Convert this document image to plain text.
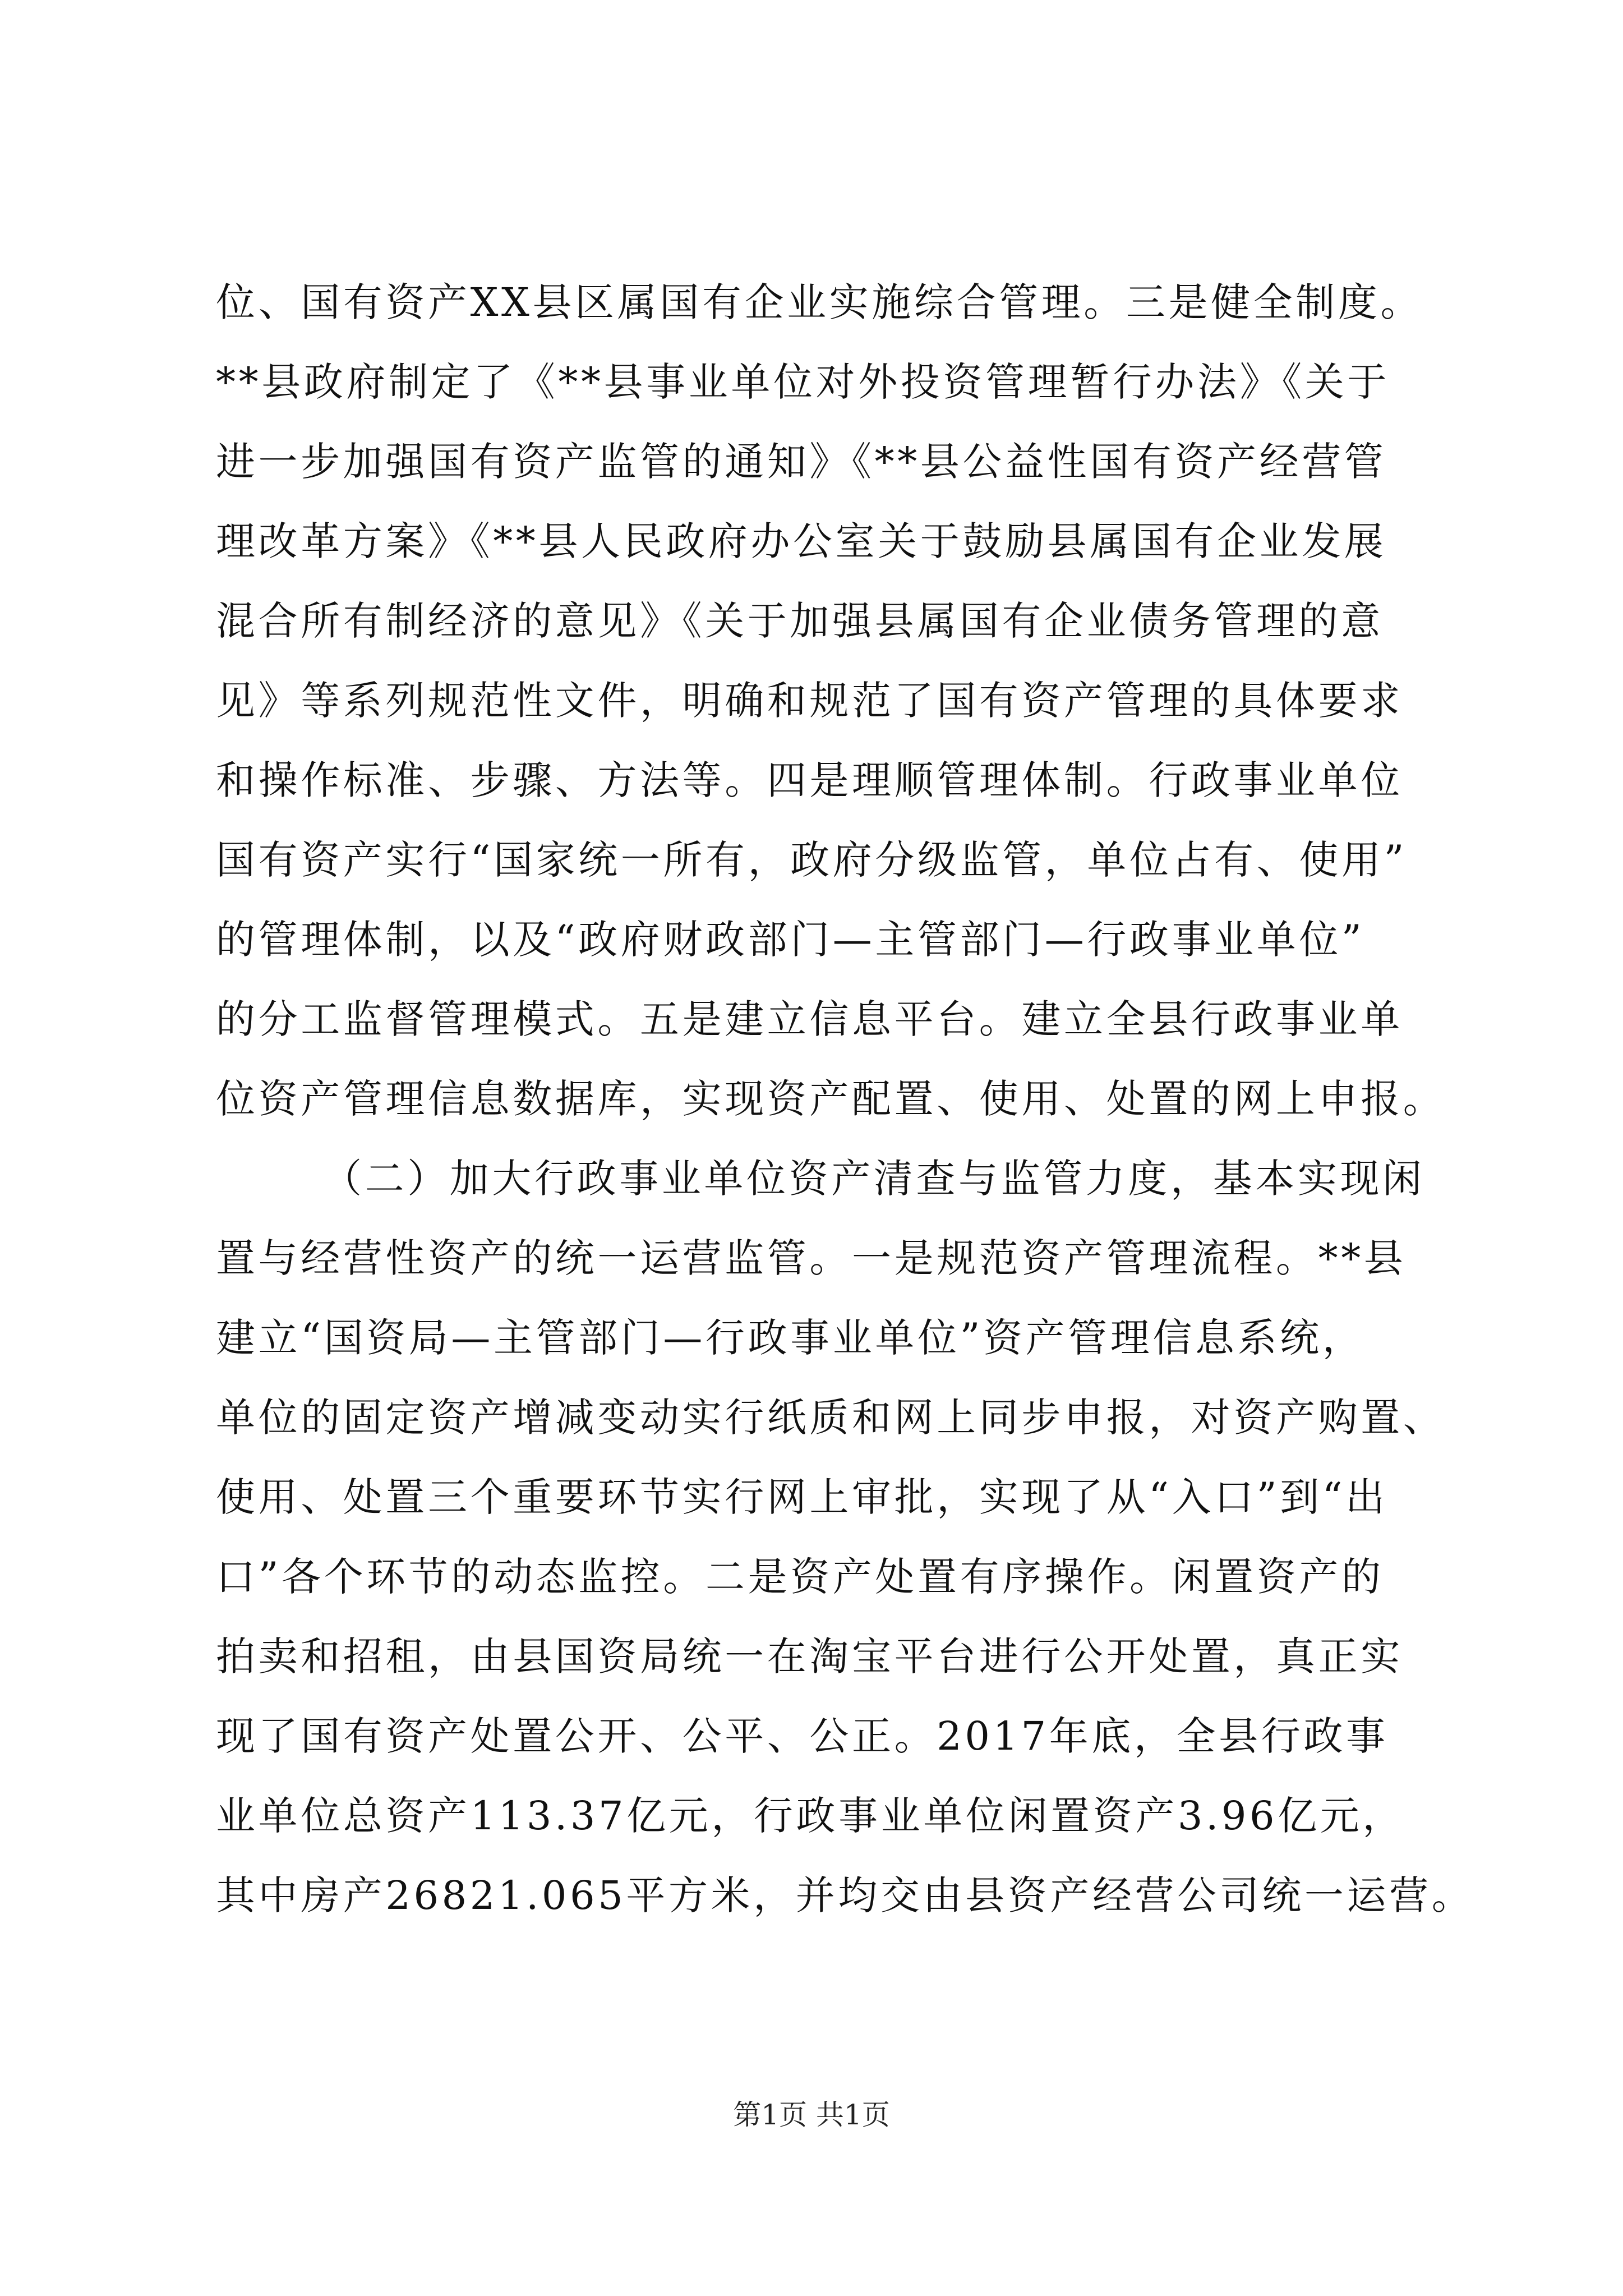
位、国有资产XX县区属国有企业实施综合管理。三是健全制度。
**县政府制定了《**县事业单位对外投资管理暂行办法》《关于
进一步加强国有资产监管的通知》《**县公益性国有资产经营管
理改革方案》《**县人民政府办公室关于鼓励县属国有企业发展
混合所有制经济的意见》《关于加强县属国有企业债务管理的意
见》等系列规范性文件，明确和规范了国有资产管理的具体要求
和操作标准、步骤、方法等。四是理顺管理体制。行政事业单位
国有资产实行“国家统一所有，政府分级监管，单位占有、使用”
的管理体制，以及“政府财政部门—主管部门—行政事业单位”
的分工监督管理模式。五是建立信息平台。建立全县行政事业单
位资产管理信息数据库，实现资产配置、使用、处置的网上申报。
（二）加大行政事业单位资产清查与监管力度，基本实现闲
置与经营性资产的统一运营监管。一是规范资产管理流程。**县
建立“国资局—主管部门—行政事业单位”资产管理信息系统，
单位的固定资产增减变动实行纸质和网上同步申报，对资产购置、
使用、处置三个重要环节实行网上审批，实现了从“入口”到“出
口”各个环节的动态监控。二是资产处置有序操作。闲置资产的
拍卖和招租，由县国资局统一在淘宝平台进行公开处置，真正实
现了国有资产处置公开、公平、公正。2017年底，全县行政事
业单位总资产113.37亿元，行政事业单位闲置资产3.96亿元，
其中房产26821.065平方米，并均交由县资产经营公司统一运营。
第1页 共1页
